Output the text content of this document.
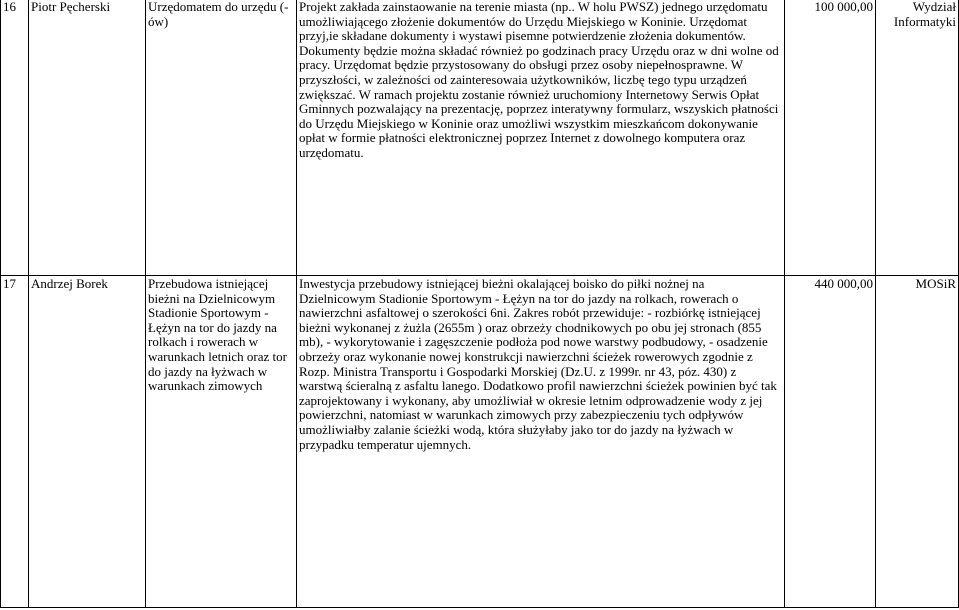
16	Piotr Pęcherski	Urzędomatem do urzędu (-ów)	Projekt zakłada zainstaowanie na terenie miasta (np.. W holu PWSZ) jednego urzędomatu umożliwiającego złożenie dokumentów do Urzędu Miejskiego w Koninie. Urzędomat przyj,ie składane dokumenty i wystawi pisemne potwierdzenie złożenia dokumentów. Dokumenty będzie można składać również po godzinach pracy Urzędu oraz w dni wolne od pracy. Urzędomat będzie przystosowany do obsługi przez osoby niepełnosprawne. W przyszłości, w zależności od zainteresowaia użytkowników, liczbę tego typu urządzeń zwiększać. W ramach projektu zostanie również uruchomiony Internetowy Serwis Opłat Gminnych pozwalający na prezentację, poprzez interatywny formularz, wszyskich płatności do Urzędu Miejskiego w Koninie oraz umożliwi wszystkim mieszkańcom dokonywanie opłat w formie płatności elektronicznej poprzez Internet z dowolnego komputera oraz urzędomatu.	100 000,00	Wydział Informatyki
17	Andrzej Borek	Przebudowa istniejącej bieżni na Dzielnicowym Stadionie Sportowym - Łężyn na tor do jazdy na rolkach i rowerach w warunkach letnich oraz tor do jazdy na łyżwach w warunkach zimowych	Inwestycja przebudowy istniejącej bieżni okalającej boisko do piłki nożnej na Dzielnicowym Stadionie Sportowym - Łężyn na tor do jazdy na rolkach, rowerach o nawierzchni asfaltowej o szerokości 6ni. Zakres robót przewiduje: - rozbiórkę istniejącej bieżni wykonanej z żużla (2655m ) oraz obrzeży chodnikowych po obu jej stronach (855 mb), - wykorytowanie i zagęszczenie podłoża pod nowe warstwy podbudowy, - osadzenie obrzeży oraz wykonanie nowej konstrukcji nawierzchni ścieżek rowerowych zgodnie z Rozp. Ministra Transportu i Gospodarki Morskiej (Dz.U. z 1999r. nr 43, póz. 430) z warstwą ścieralną z asfaltu lanego. Dodatkowo profil nawierzchni ścieżek powinien być tak zaprojektowany i wykonany, aby umożliwiał w okresie letnim odprowadzenie wody z jej powierzchni, natomiast w warunkach zimowych przy zabezpieczeniu tych odpływów umożliwiałby zalanie ścieżki wodą, która służyłaby jako tor do jazdy na łyżwach w przypadku temperatur ujemnych.	440 000,00	MOSiR
